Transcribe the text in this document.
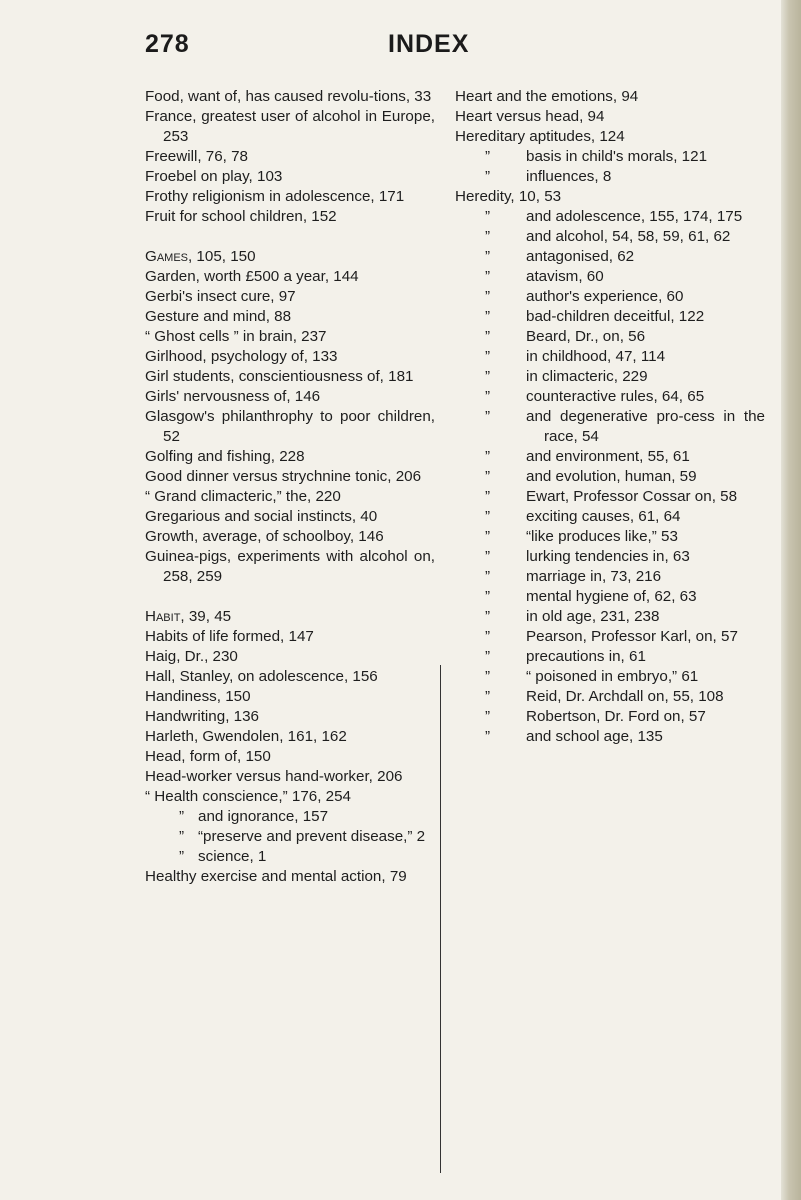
278	INDEX
Food, want of, has caused revolu-tions, 33
France, greatest user of alcohol in Europe, 253
Freewill, 76, 78
Froebel on play, 103
Frothy religionism in adolescence, 171
Fruit for school children, 152
Games, 105, 150
Garden, worth £500 a year, 144
Gerbi's insect cure, 97
Gesture and mind, 88
“ Ghost cells ” in brain, 237
Girlhood, psychology of, 133
Girl students, conscientiousness of, 181
Girls' nervousness of, 146
Glasgow's philanthrophy to poor children, 52
Golfing and fishing, 228
Good dinner versus strychnine tonic, 206
“ Grand climacteric,” the, 220
Gregarious and social instincts, 40
Growth, average, of schoolboy, 146
Guinea-pigs, experiments with alcohol on, 258, 259
Habit, 39, 45
Habits of life formed, 147
Haig, Dr., 230
Hall, Stanley, on adolescence, 156
Handiness, 150
Handwriting, 136
Harleth, Gwendolen, 161, 162
Head, form of, 150
Head-worker versus hand-worker, 206
“ Health conscience,” 176, 254
” and ignorance, 157
” “preserve and prevent disease,” 2
” science, 1
Healthy exercise and mental action, 79
Heart and the emotions, 94
Heart versus head, 94
Hereditary aptitudes, 124
” basis in child's morals, 121
” influences, 8
Heredity, 10, 53
” and adolescence, 155, 174, 175
” and alcohol, 54, 58, 59, 61, 62
” antagonised, 62
” atavism, 60
” author's experience, 60
” bad-children deceitful, 122
” Beard, Dr., on, 56
” in childhood, 47, 114
” in climacteric, 229
” counteractive rules, 64, 65
” and degenerative pro-cess in the race, 54
” and environment, 55, 61
” and evolution, human, 59
” Ewart, Professor Cossar on, 58
” exciting causes, 61, 64
” “like produces like,” 53
” lurking tendencies in, 63
” marriage in, 73, 216
” mental hygiene of, 62, 63
” in old age, 231, 238
” Pearson, Professor Karl, on, 57
” precautions in, 61
” “ poisoned in embryo,” 61
” Reid, Dr. Archdall on, 55, 108
” Robertson, Dr. Ford on, 57
” and school age, 135
